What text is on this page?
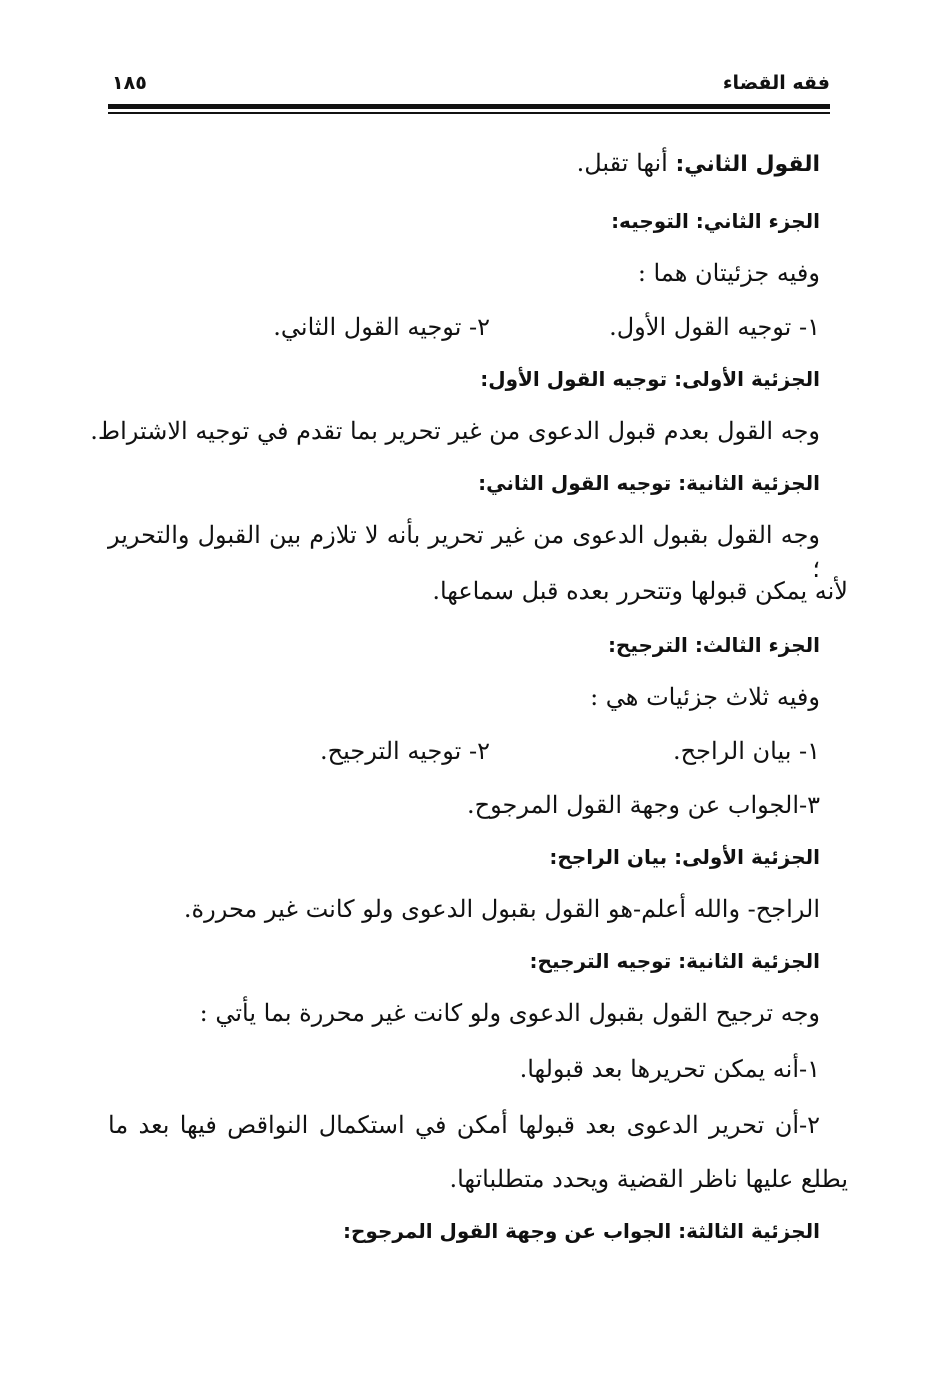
فقه القضاء
١٨٥
القول الثاني: أنها تقبل.
الجزء الثاني: التوجيه:
وفيه جزئيتان هما :
١- توجيه القول الأول.
٢- توجيه القول الثاني.
الجزئية الأولى: توجيه القول الأول:
وجه القول بعدم قبول الدعوى من غير تحرير بما تقدم في توجيه الاشتراط.
الجزئية الثانية: توجيه القول الثاني:
وجه القول بقبول الدعوى من غير تحرير بأنه لا تلازم بين القبول والتحرير ؛
لأنه يمكن قبولها وتتحرر بعده قبل سماعها.
الجزء الثالث: الترجيح:
وفيه ثلاث جزئيات هي :
١- بيان الراجح.
٢- توجيه الترجيح.
٣-الجواب عن وجهة القول المرجوح.
الجزئية الأولى: بيان الراجح:
الراجح- والله أعلم-هو القول بقبول الدعوى ولو كانت غير محررة.
الجزئية الثانية: توجيه الترجيح:
وجه ترجيح القول بقبول الدعوى ولو كانت غير محررة بما يأتي :
١-أنه يمكن تحريرها بعد قبولها.
٢-أن تحرير الدعوى بعد قبولها أمكن في استكمال النواقص فيها بعد ما
يطلع عليها ناظر القضية ويحدد متطلباتها.
الجزئية الثالثة: الجواب عن وجهة القول المرجوح:
